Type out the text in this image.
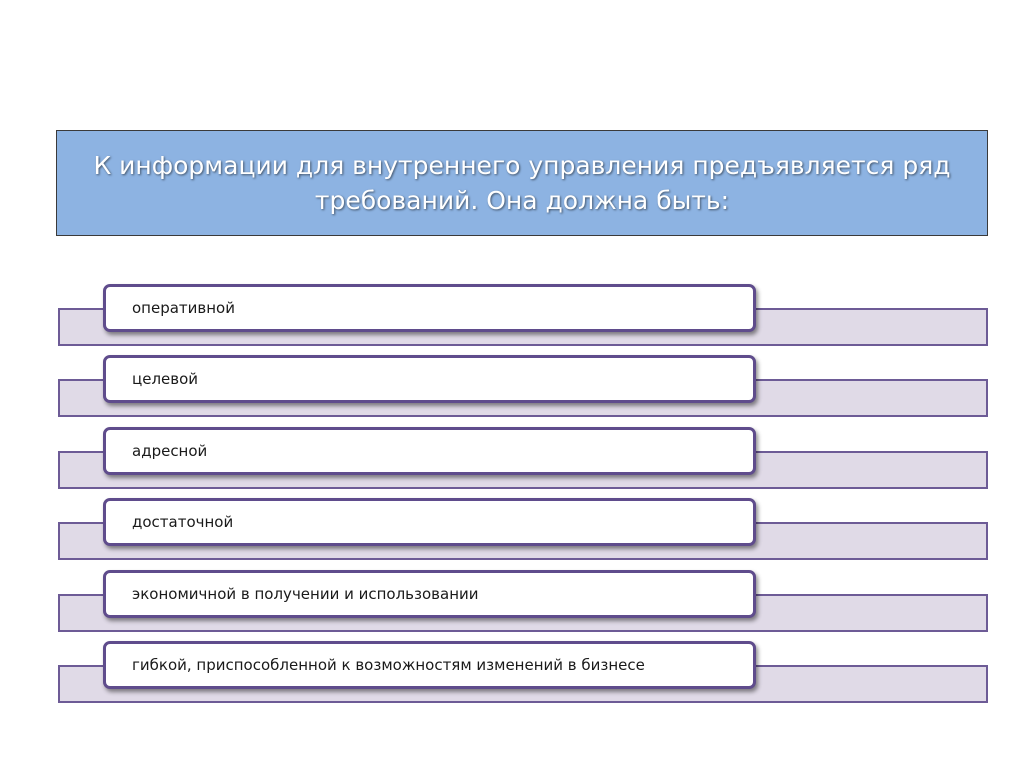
К информации для внутреннего управления предъявляется ряд требований. Она должна быть:
оперативной
целевой
адресной
достаточной
экономичной в получении и использовании
гибкой, приспособленной к возможностям изменений в бизнесе
